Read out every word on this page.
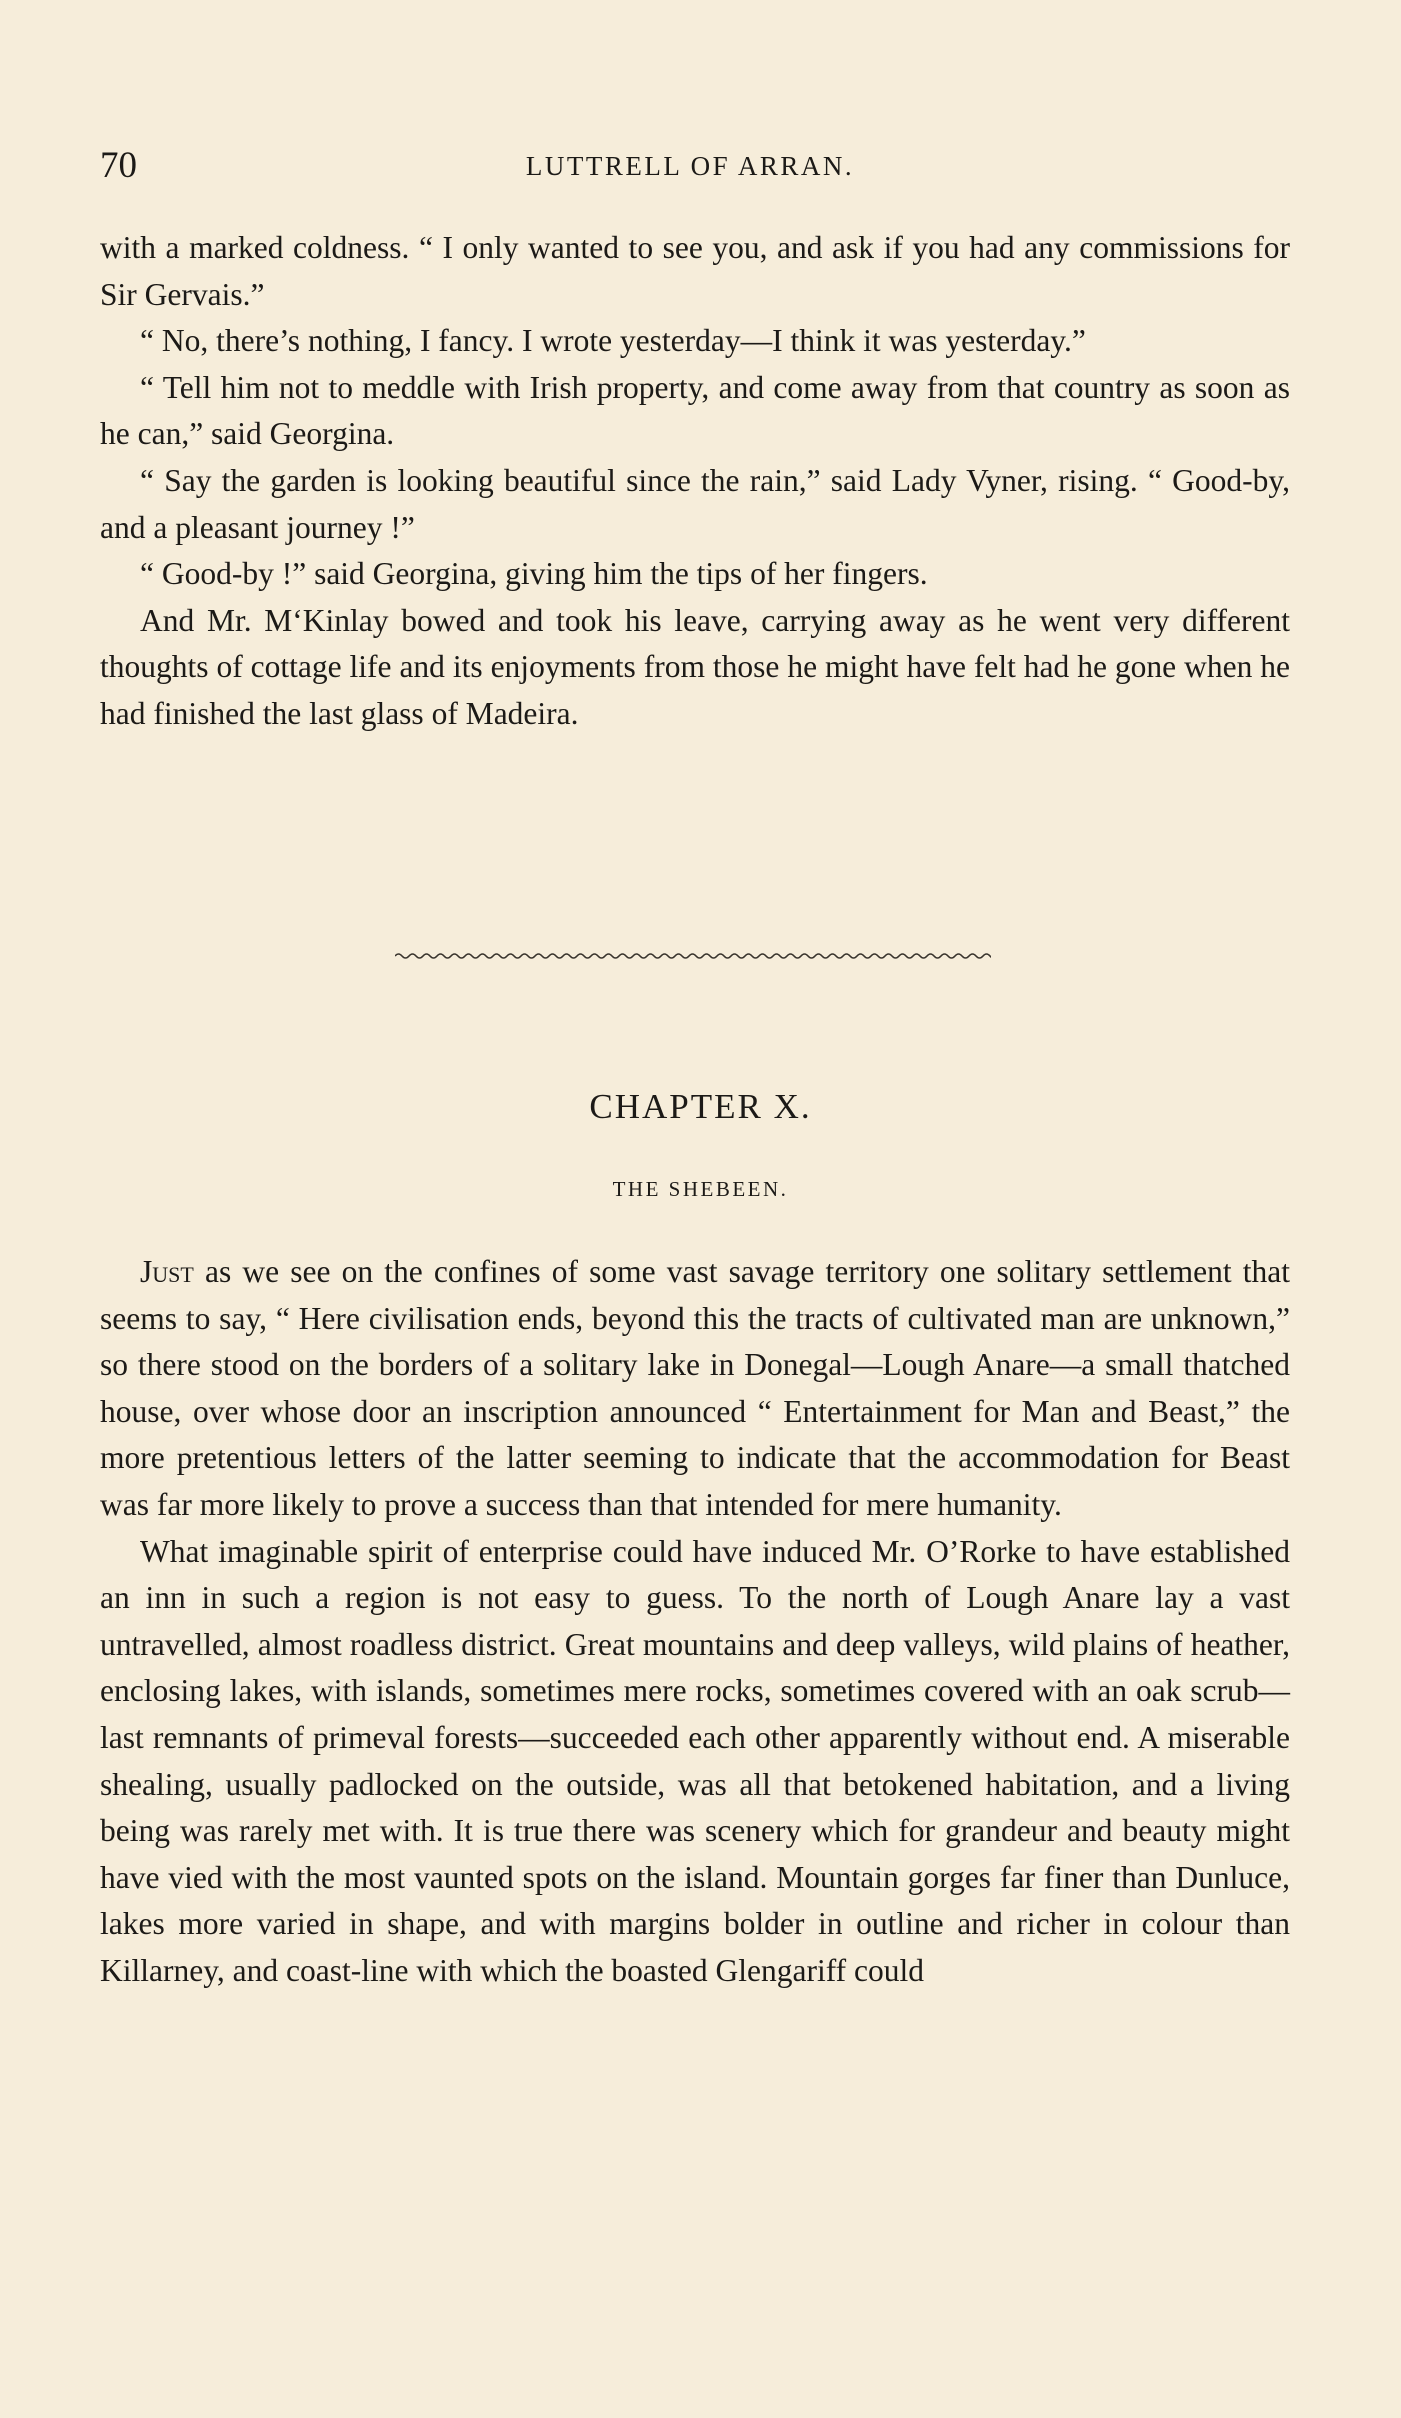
70	LUTTRELL OF ARRAN.

with a marked coldness. “ I only wanted to see you, and ask if you had any commissions for Sir Gervais.”

“ No, there’s nothing, I fancy. I wrote yesterday—I think it was yesterday.”

“ Tell him not to meddle with Irish property, and come away from that country as soon as he can,” said Georgina.

“ Say the garden is looking beautiful since the rain,” said Lady Vyner, rising. “ Good-by, and a pleasant journey !”

“ Good-by !” said Georgina, giving him the tips of her fingers.

And Mr. M‘Kinlay bowed and took his leave, carrying away as he went very different thoughts of cottage life and its enjoyments from those he might have felt had he gone when he had finished the last glass of Madeira.

CHAPTER X.
THE SHEBEEN.

Just as we see on the confines of some vast savage territory one solitary settlement that seems to say, “ Here civilisation ends, beyond this the tracts of cultivated man are unknown,” so there stood on the borders of a solitary lake in Donegal—Lough Anare—a small thatched house, over whose door an inscription announced “ Entertainment for Man and Beast,” the more pretentious letters of the latter seeming to indicate that the accommodation for Beast was far more likely to prove a success than that intended for mere humanity.

What imaginable spirit of enterprise could have induced Mr. O’Rorke to have established an inn in such a region is not easy to guess. To the north of Lough Anare lay a vast untravelled, almost roadless district. Great mountains and deep valleys, wild plains of heather, enclosing lakes, with islands, sometimes mere rocks, sometimes covered with an oak scrub—last remnants of primeval forests—succeeded each other apparently without end. A miserable shealing, usually padlocked on the outside, was all that betokened habitation, and a living being was rarely met with. It is true there was scenery which for grandeur and beauty might have vied with the most vaunted spots on the island. Mountain gorges far finer than Dunluce, lakes more varied in shape, and with margins bolder in outline and richer in colour than Killarney, and coast-line with which the boasted Glengariff could
